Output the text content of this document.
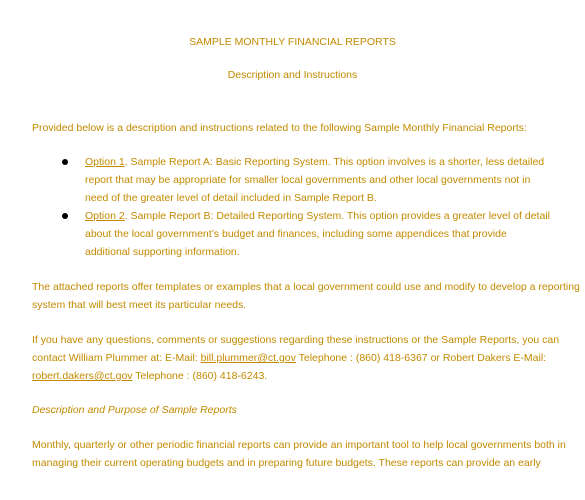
SAMPLE MONTHLY FINANCIAL REPORTS
Description and Instructions
Provided below is a description and instructions related to the following Sample Monthly Financial Reports:
Option 1. Sample Report A: Basic Reporting System. This option involves is a shorter, less detailed
report that may be appropriate for smaller local governments and other local governments not in
need of the greater level of detail included in Sample Report B.
Option 2. Sample Report B: Detailed Reporting System. This option provides a greater level of detail
about the local government’s budget and finances, including some appendices that provide
additional supporting information.
The attached reports offer templates or examples that a local government could use and modify to develop a reporting
system that will best meet its particular needs.
If you have any questions, comments or suggestions regarding these instructions or the Sample Reports, you can
contact William Plummer at: E-Mail: bill.plummer@ct.gov Telephone : (860) 418-6367 or Robert Dakers E-Mail:
robert.dakers@ct.gov Telephone : (860) 418-6243.
Description and Purpose of Sample Reports
Monthly, quarterly or other periodic financial reports can provide an important tool to help local governments both in
managing their current operating budgets and in preparing future budgets. These reports can provide an early
